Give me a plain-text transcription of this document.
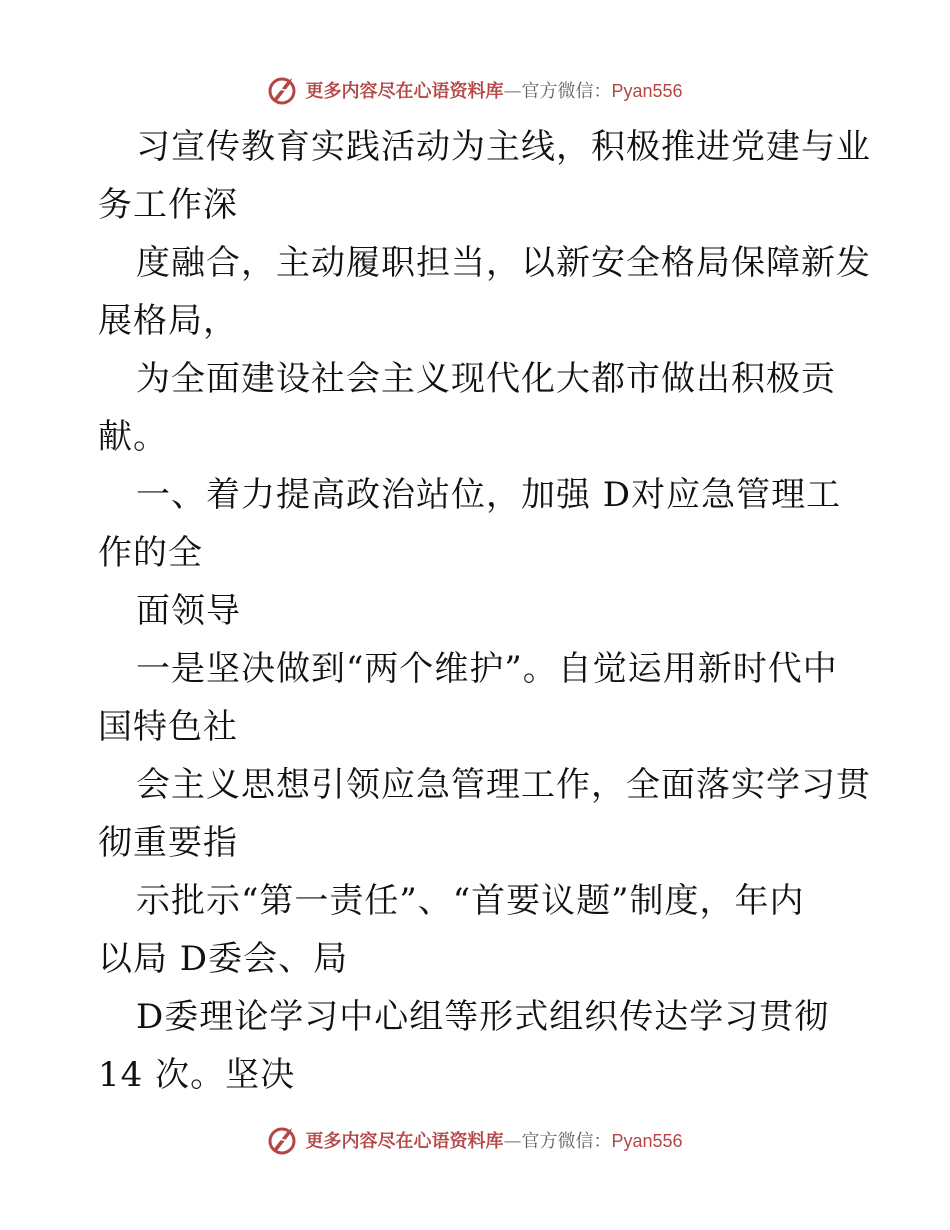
更多内容尽在心语资料库—官方微信：Pyan556
习宣传教育实践活动为主线，积极推进党建与业
务工作深
度融合，主动履职担当，以新安全格局保障新发
展格局，
为全面建设社会主义现代化大都市做出积极贡
献。
一、着力提高政治站位，加强 D对应急管理工
作的全
面领导
一是坚决做到“两个维护”。自觉运用新时代中
国特色社
会主义思想引领应急管理工作，全面落实学习贯
彻重要指
示批示“第一责任”、“首要议题”制度，年内
以局 D委会、局
D委理论学习中心组等形式组织传达学习贯彻
14 次。坚决
更多内容尽在心语资料库—官方微信：Pyan556
